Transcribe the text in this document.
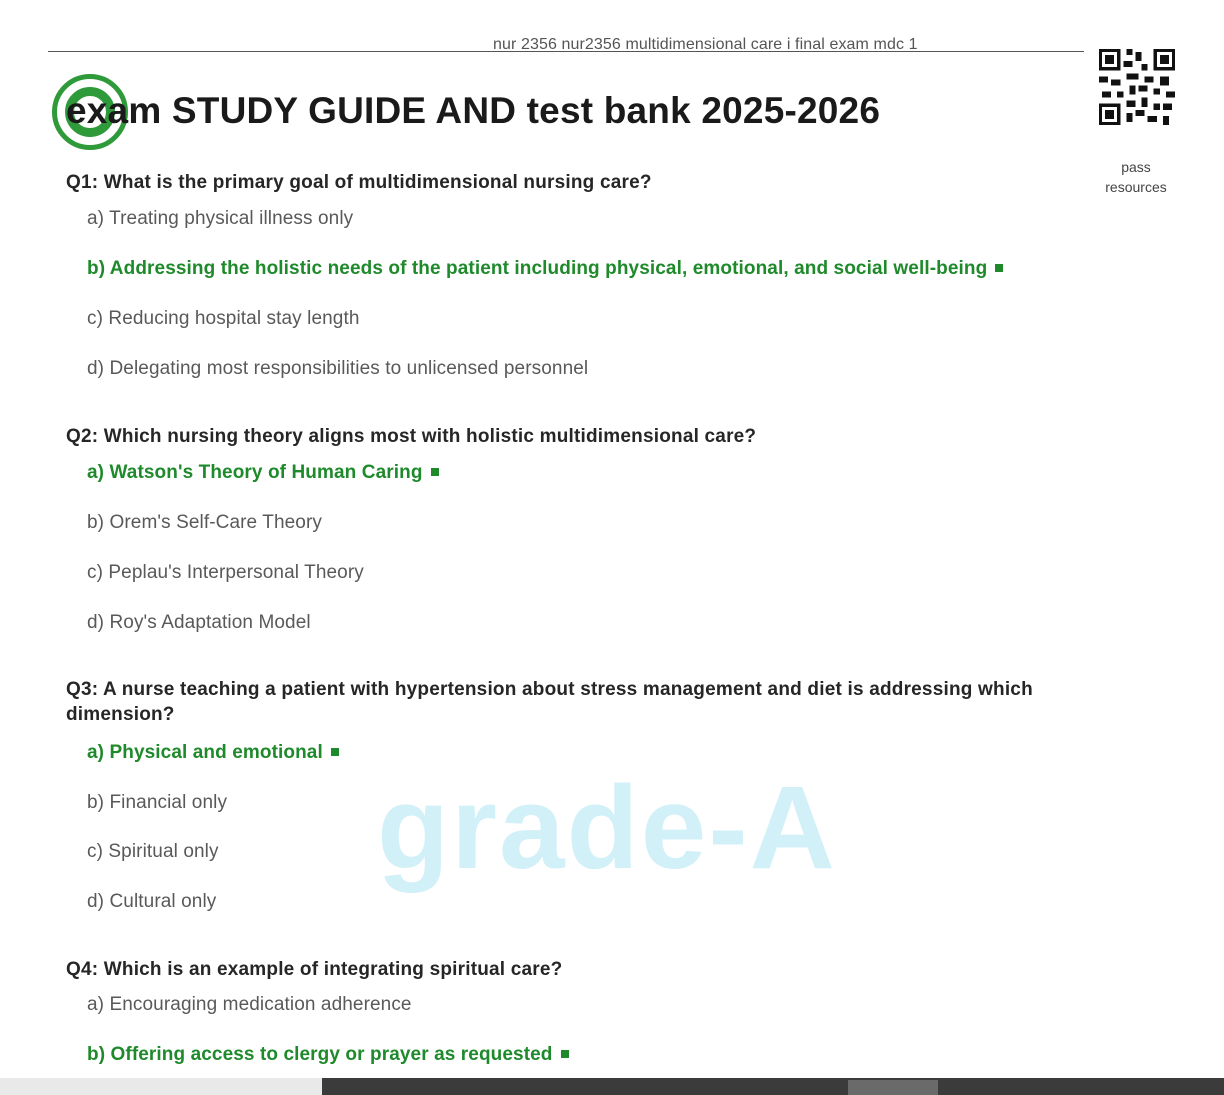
nur 2356 nur2356 multidimensional care i final exam mdc 1
exam STUDY GUIDE AND test bank 2025-2026
pass
resources
grade-A
Q1: What is the primary goal of multidimensional nursing care?
a) Treating physical illness only
b) Addressing the holistic needs of the patient including physical, emotional, and social well-being
c) Reducing hospital stay length
d) Delegating most responsibilities to unlicensed personnel
Q2: Which nursing theory aligns most with holistic multidimensional care?
a) Watson's Theory of Human Caring
b) Orem's Self-Care Theory
c) Peplau's Interpersonal Theory
d) Roy's Adaptation Model
Q3: A nurse teaching a patient with hypertension about stress management and diet is addressing which dimension?
a) Physical and emotional
b) Financial only
c) Spiritual only
d) Cultural only
Q4: Which is an example of integrating spiritual care?
a) Encouraging medication adherence
b) Offering access to clergy or prayer as requested
